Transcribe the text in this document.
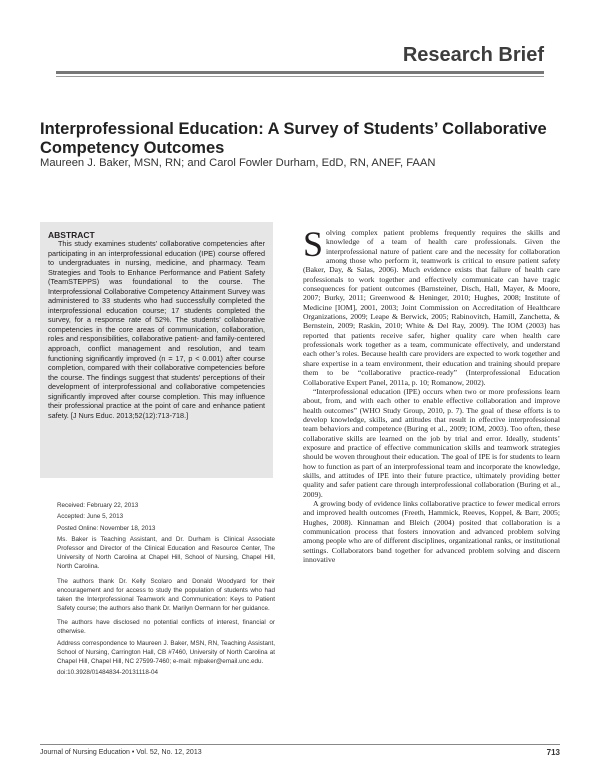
Research Brief
Interprofessional Education: A Survey of Students’ Collaborative Competency Outcomes
Maureen J. Baker, MSN, RN; and Carol Fowler Durham, EdD, RN, ANEF, FAAN

This study examines students’ collaborative competencies after participating in an interprofessional education (IPE) course offered to undergraduates in nursing, medicine, and pharmacy. Team Strategies and Tools to Enhance Performance and Patient Safety (TeamSTEPPS) was foundational to the course. The Interprofessional Collaborative Competency Attainment Survey was administered to 33 students who had successfully completed the interprofessional education course; 17 students completed the survey, for a response rate of 52%. The students’ collaborative competencies in the core areas of communication, collaboration, roles and responsibilities, collaborative patient- and family-centered approach, conflict management and resolution, and team functioning significantly improved (n = 17, p < 0.001) after course completion, compared with their collaborative competencies before the course. The findings suggest that students’ perceptions of their development of interprofessional and collaborative competencies significantly improved after course completion. This may influence their professional practice at the point of care and enhance patient safety. [J Nurs Educ. 2013;52(12):713-718.]

ABSTRACT

Received: February 22, 2013

Accepted: June 5, 2013

Posted Online: November 18, 2013

Ms. Baker is Teaching Assistant, and Dr. Durham is Clinical Associate Professor and Director of the Clinical Education and Resource Center, The University of North Carolina at Chapel Hill, School of Nursing, Chapel Hill, North Carolina.

The authors thank Dr. Kelly Scolaro and Donald Woodyard for their encouragement and for access to study the population of students who had taken the Interprofessional Teamwork and Communication: Keys to Patient Safety course; the authors also thank Dr. Marilyn Oermann for her guidance.

The authors have disclosed no potential conflicts of interest, financial or otherwise.

Address correspondence to Maureen J. Baker, MSN, RN, Teaching Assistant, School of Nursing, Carrington Hall, CB #7460, University of North Carolina at Chapel Hill, Chapel Hill, NC 27599-7460; e-mail: mjbaker@email.unc.edu.

doi:10.3928/01484834-20131118-04

Solving complex patient problems frequently requires the skills and knowledge of a team of health care professionals. Given the interprofessional nature of patient care and the necessity for collaboration among those who perform it, teamwork is critical to ensure patient safety (Baker, Day, & Salas, 2006). Much evidence exists that failure of health care professionals to work together and effectively communicate can have tragic consequences for patient outcomes (Barnsteiner, Disch, Hall, Mayer, & Moore, 2007; Burky, 2011; Greenwood & Heninger, 2010; Hughes, 2008; Institute of Medicine [IOM], 2001, 2003; Joint Commission on Accreditation of Healthcare Organizations, 2009; Leape & Berwick, 2005; Rabinovitch, Hamill, Zanchetta, & Bernstein, 2009; Raskin, 2010; White & Del Ray, 2009). The IOM (2003) has reported that patients receive safer, higher quality care when health care professionals work together as a team, communicate effectively, and understand each other’s roles. Because health care providers are expected to work together and share expertise in a team environment, their education and training should prepare them to be “collaborative practice-ready” (Interprofessional Education Collaborative Expert Panel, 2011a, p. 10; Romanow, 2002).

“Interprofessional education (IPE) occurs when two or more professions learn about, from, and with each other to enable effective collaboration and improve health outcomes” (WHO Study Group, 2010, p. 7). The goal of these efforts is to develop knowledge, skills, and attitudes that result in effective interprofessional team behaviors and competence (Buring et al., 2009; IOM, 2003). Too often, these collaborative skills are learned on the job by trial and error. Ideally, students’ exposure and practice of effective communication skills and teamwork strategies should be woven throughout their education. The goal of IPE is for students to learn how to function as part of an interprofessional team and incorporate the knowledge, skills, and attitudes of IPE into their future practice, ultimately providing better quality and safer patient care through interprofessional collaboration (Buring et al., 2009).

A growing body of evidence links collaborative practice to fewer medical errors and improved health outcomes (Freeth, Hammick, Reeves, Koppel, & Barr, 2005; Hughes, 2008). Kinnaman and Bleich (2004) posited that collaboration is a communication process that fosters innovation and advanced problem solving among people who are of different disciplines, organizational ranks, or institutional settings. Collaborators band together for advanced problem solving and discern innovative

Journal of Nursing Education • Vol. 52, No. 12, 2013	713
